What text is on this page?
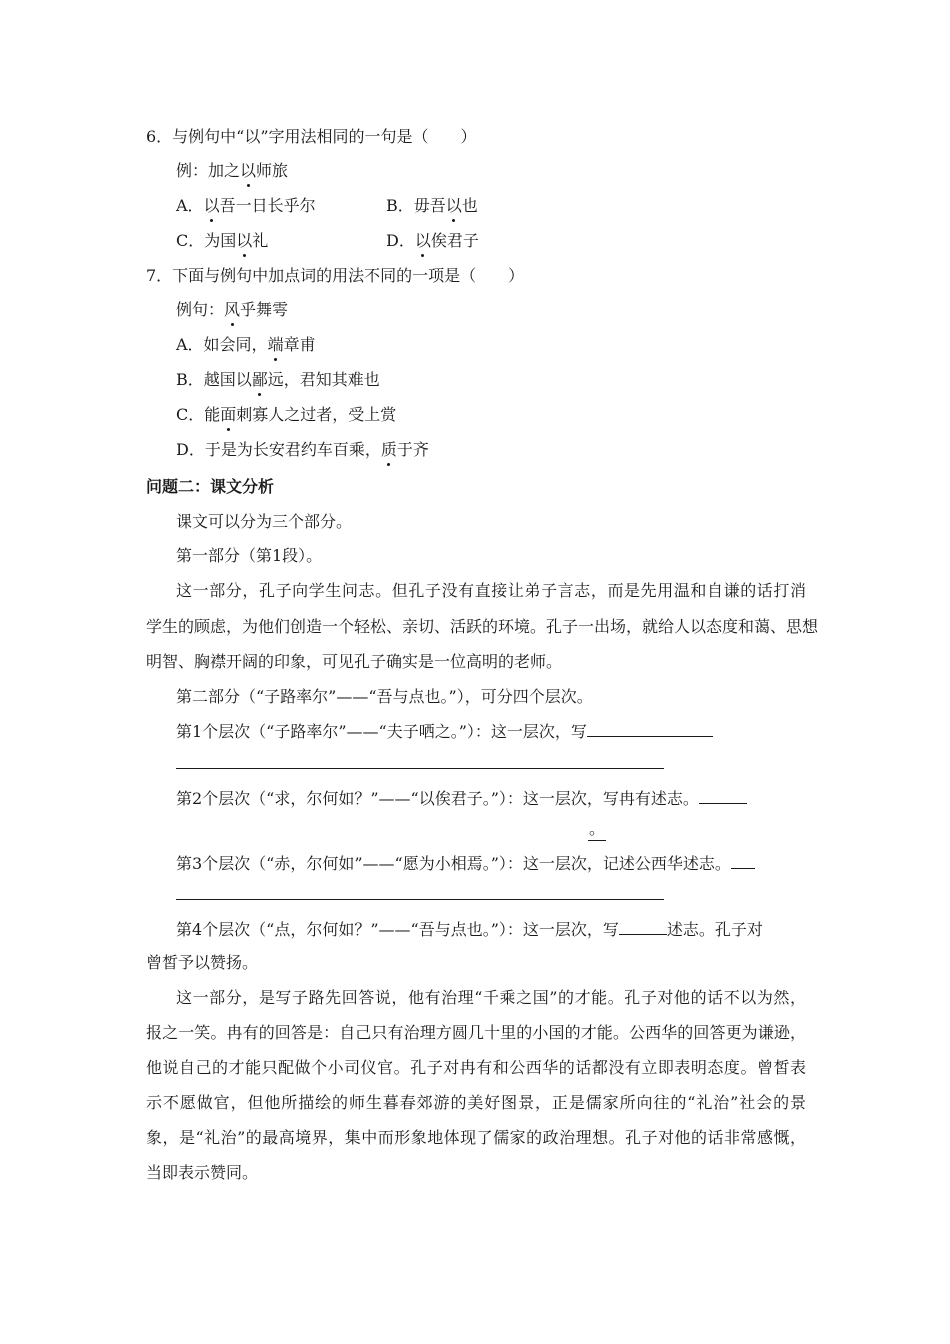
6．与例句中“以”字用法相同的一句是（　　）
例：加之以师旅
A．以吾一日长乎尔	B．毋吾以也
C．为国以礼	D．以俟君子
7．下面与例句中加点词的用法不同的一项是（　　）
例句：风乎舞雩
A．如会同，端章甫
B．越国以鄙远，君知其难也
C．能面刺寡人之过者，受上赏
D．于是为长安君约车百乘，质于齐
问题二：课文分析
课文可以分为三个部分。
第一部分（第1段）。
这一部分，孔子向学生问志。但孔子没有直接让弟子言志，而是先用温和自谦的话打消
学生的顾虑，为他们创造一个轻松、亲切、活跃的环境。孔子一出场，就给人以态度和蔼、思想
明智、胸襟开阔的印象，可见孔子确实是一位高明的老师。
第二部分（“子路率尔”——“吾与点也。”），可分四个层次。
第1个层次（“子路率尔”——“夫子哂之。”）：这一层次，写
第2个层次（“求，尔何如？”——“以俟君子。”）：这一层次，写冉有述志。
。
第3个层次（“赤，尔何如”——“愿为小相焉。”）：这一层次，记述公西华述志。
第4个层次（“点，尔何如？”——“吾与点也。”）：这一层次，写	述志。孔子对
曾皙予以赞扬。
这一部分，是写子路先回答说，他有治理“千乘之国”的才能。孔子对他的话不以为然，
报之一笑。冉有的回答是：自己只有治理方圆几十里的小国的才能。公西华的回答更为谦逊，
他说自己的才能只配做个小司仪官。孔子对冉有和公西华的话都没有立即表明态度。曾皙表
示不愿做官，但他所描绘的师生暮春郊游的美好图景，正是儒家所向往的“礼治”社会的景
象，是“礼治”的最高境界，集中而形象地体现了儒家的政治理想。孔子对他的话非常感慨，
当即表示赞同。
